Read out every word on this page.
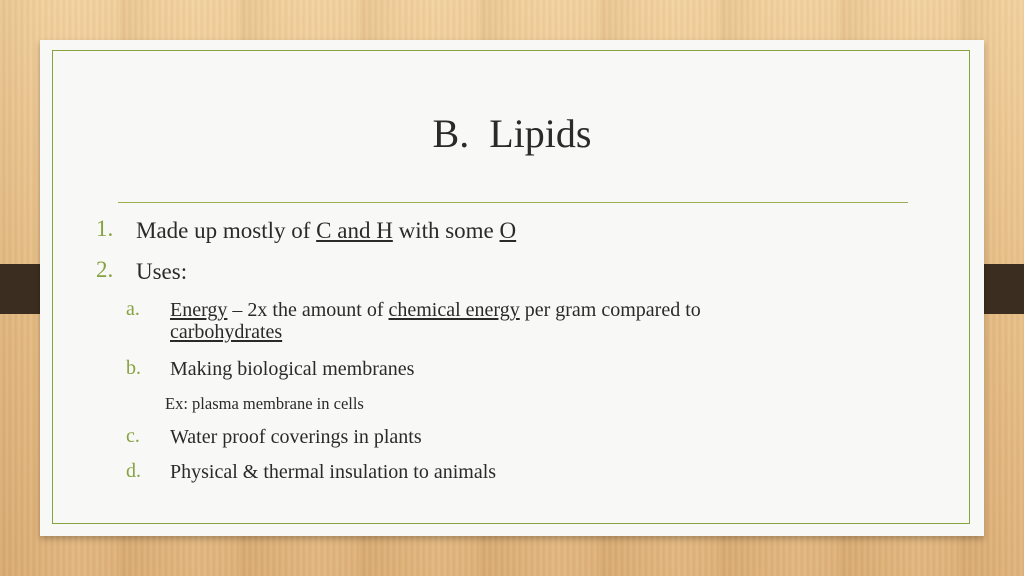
B.  Lipids
1. Made up mostly of C and H with some O
2. Uses:
a. Energy – 2x the amount of chemical energy per gram compared to
carbohydrates
b. Making biological membranes
Ex: plasma membrane in cells
c. Water proof coverings in plants
d. Physical & thermal insulation to animals
